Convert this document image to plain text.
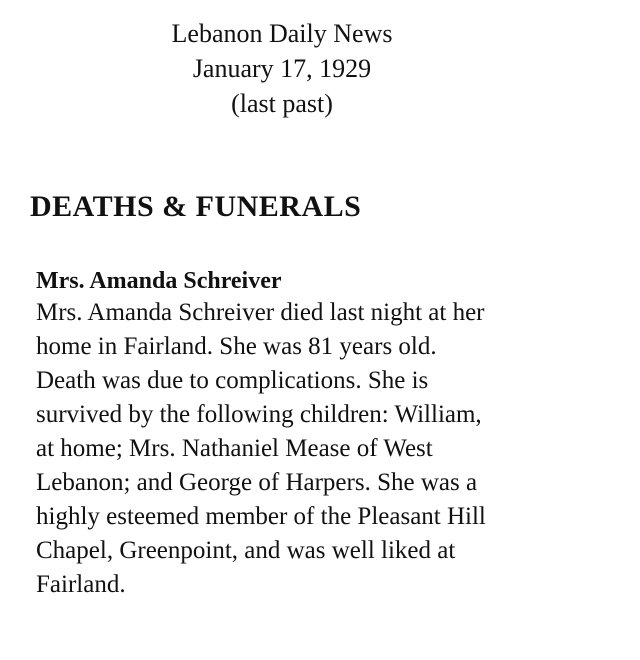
Lebanon Daily News
January 17, 1929
(last past)
DEATHS & FUNERALS
Mrs. Amanda Schreiver
Mrs. Amanda Schreiver died last night at her
home in Fairland. She was 81 years old.
Death was due to complications. She is
survived by the following children: William,
at home; Mrs. Nathaniel Mease of West
Lebanon; and George of Harpers. She was a
highly esteemed member of the Pleasant Hill
Chapel, Greenpoint, and was well liked at
Fairland.
